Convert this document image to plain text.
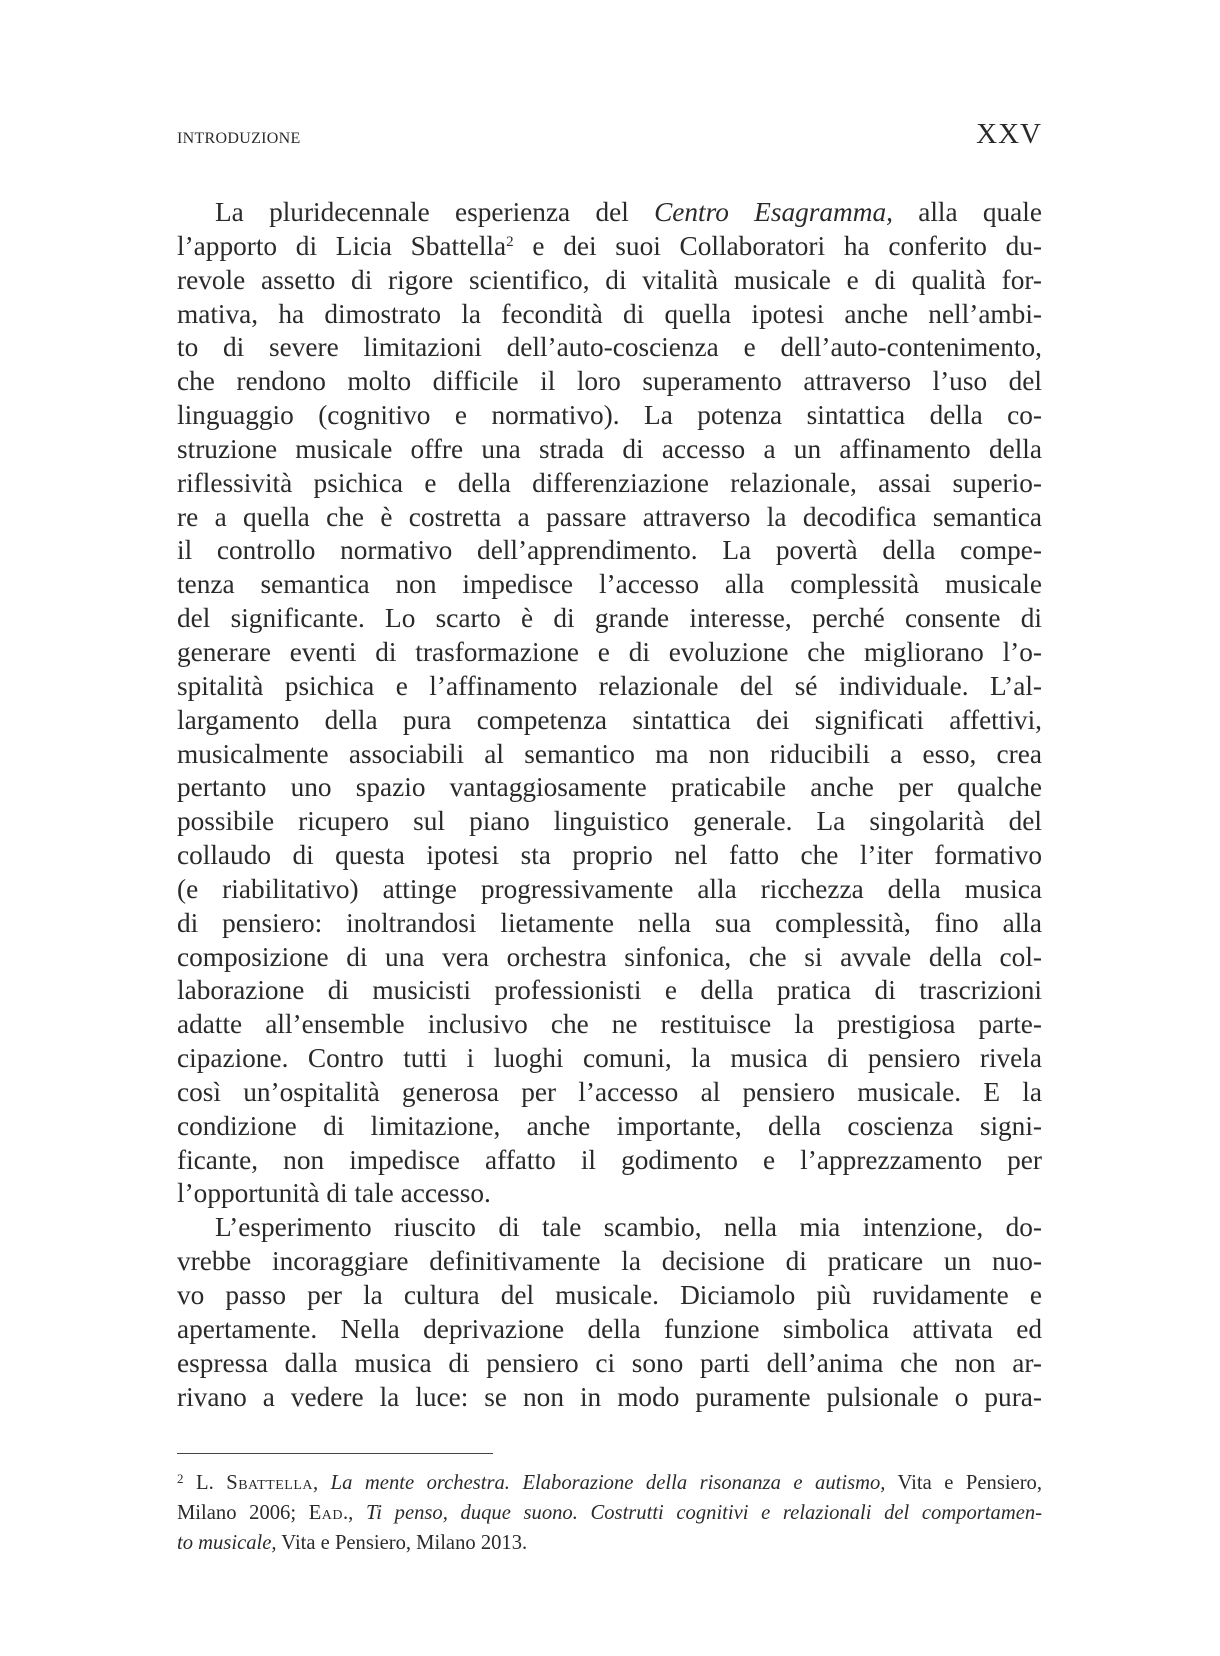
INTRODUZIONE	XXV
La pluridecennale esperienza del Centro Esagramma, alla quale
l’apporto di Licia Sbattella$^2$ e dei suoi Collaboratori ha conferito du-
revole assetto di rigore scientifico, di vitalità musicale e di qualità for-
mativa, ha dimostrato la fecondità di quella ipotesi anche nell’ambi-
to di severe limitazioni dell’auto-coscienza e dell’auto-contenimento,
che rendono molto difficile il loro superamento attraverso l’uso del
linguaggio (cognitivo e normativo). La potenza sintattica della co-
struzione musicale offre una strada di accesso a un affinamento della
riflessività psichica e della differenziazione relazionale, assai superio-
re a quella che è costretta a passare attraverso la decodifica semantica
il controllo normativo dell’apprendimento. La povertà della compe-
tenza semantica non impedisce l’accesso alla complessità musicale
del significante. Lo scarto è di grande interesse, perché consente di
generare eventi di trasformazione e di evoluzione che migliorano l’o-
spitalità psichica e l’affinamento relazionale del sé individuale. L’al-
largamento della pura competenza sintattica dei significati affettivi,
musicalmente associabili al semantico ma non riducibili a esso, crea
pertanto uno spazio vantaggiosamente praticabile anche per qualche
possibile ricupero sul piano linguistico generale. La singolarità del
collaudo di questa ipotesi sta proprio nel fatto che l’iter formativo
(e riabilitativo) attinge progressivamente alla ricchezza della musica
di pensiero: inoltrandosi lietamente nella sua complessità, fino alla
composizione di una vera orchestra sinfonica, che si avvale della col-
laborazione di musicisti professionisti e della pratica di trascrizioni
adatte all’ensemble inclusivo che ne restituisce la prestigiosa parte-
cipazione. Contro tutti i luoghi comuni, la musica di pensiero rivela
così un’ospitalità generosa per l’accesso al pensiero musicale. E la
condizione di limitazione, anche importante, della coscienza signi-
ficante, non impedisce affatto il godimento e l’apprezzamento per
l’opportunità di tale accesso.
L’esperimento riuscito di tale scambio, nella mia intenzione, do-
vrebbe incoraggiare definitivamente la decisione di praticare un nuo-
vo passo per la cultura del musicale. Diciamolo più ruvidamente e
apertamente. Nella deprivazione della funzione simbolica attivata ed
espressa dalla musica di pensiero ci sono parti dell’anima che non ar-
rivano a vedere la luce: se non in modo puramente pulsionale o pura-
$^2$ L. Sbattella, La mente orchestra. Elaborazione della risonanza e autismo, Vita e Pensiero,
Milano 2006; Ead., Ti penso, duque suono. Costrutti cognitivi e relazionali del comportamen-
to musicale, Vita e Pensiero, Milano 2013.
